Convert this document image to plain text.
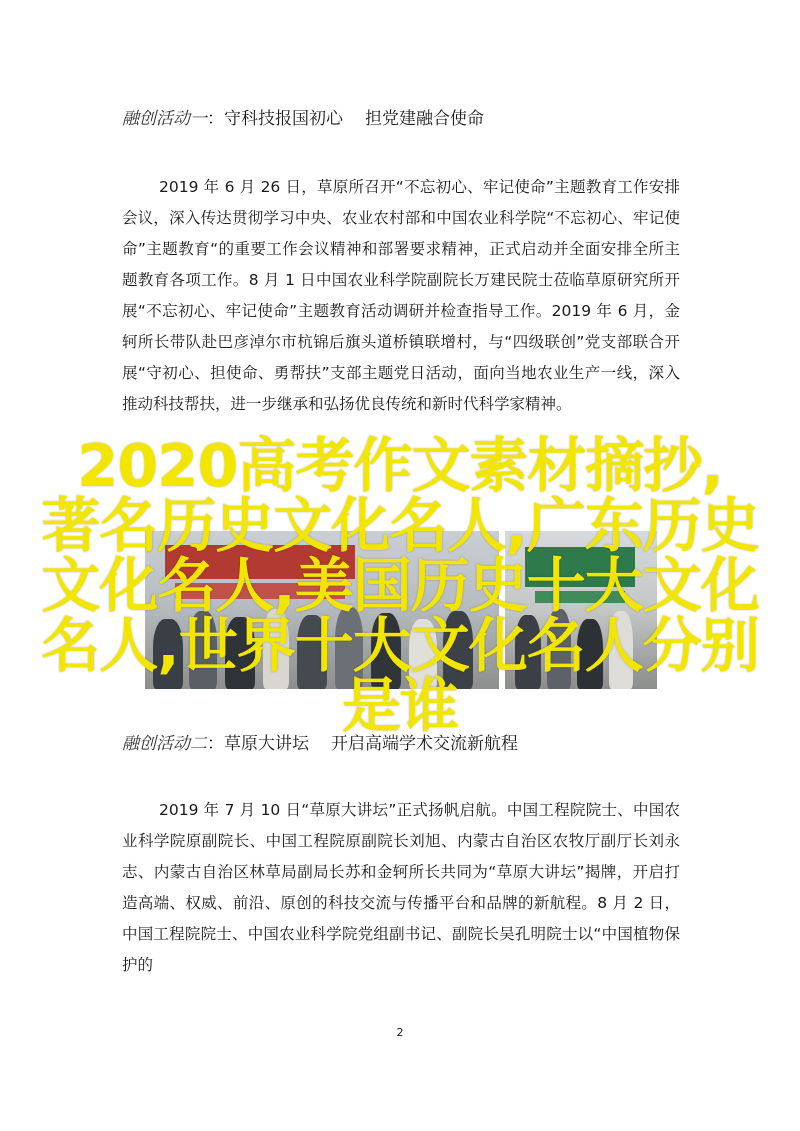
融创活动一：守科技报国初心 担党建融合使命

2019 年 6 月 26 日，草原所召开“不忘初心、牢记使命”主题教育工作安排会议，深入传达贯彻学习中央、农业农村部和中国农业科学院“不忘初心、牢记使命”主题教育“的重要工作会议精神和部署要求精神，正式启动并全面安排全所主题教育各项工作。8 月 1 日中国农业科学院副院长万建民院士莅临草原研究所开展“不忘初心、牢记使命”主题教育活动调研并检查指导工作。2019 年 6 月，金轲所长带队赴巴彦淖尔市杭锦后旗头道桥镇联增村，与“四级联创”党支部联合开展“守初心、担使命、勇帮扶”支部主题党日活动，面向当地农业生产一线，深入推动科技帮扶，进一步继承和弘扬优良传统和新时代科学家精神。

2020高考作文素材摘抄,
著名历史文化名人,广东历史
文化名人,美国历史十大文化
名人,世界十大文化名人分别
是谁
融创活动二：草原大讲坛 开启高端学术交流新航程

2019 年 7 月 10 日“草原大讲坛”正式扬帆启航。中国工程院院士、中国农业科学院原副院长、中国工程院原副院长刘旭、内蒙古自治区农牧厅副厅长刘永志、内蒙古自治区林草局副局长苏和金轲所长共同为“草原大讲坛”揭牌，开启打造高端、权威、前沿、原创的科技交流与传播平台和品牌的新航程。8 月 2 日，中国工程院院士、中国农业科学院党组副书记、副院长吴孔明院士以“中国植物保护的

2
